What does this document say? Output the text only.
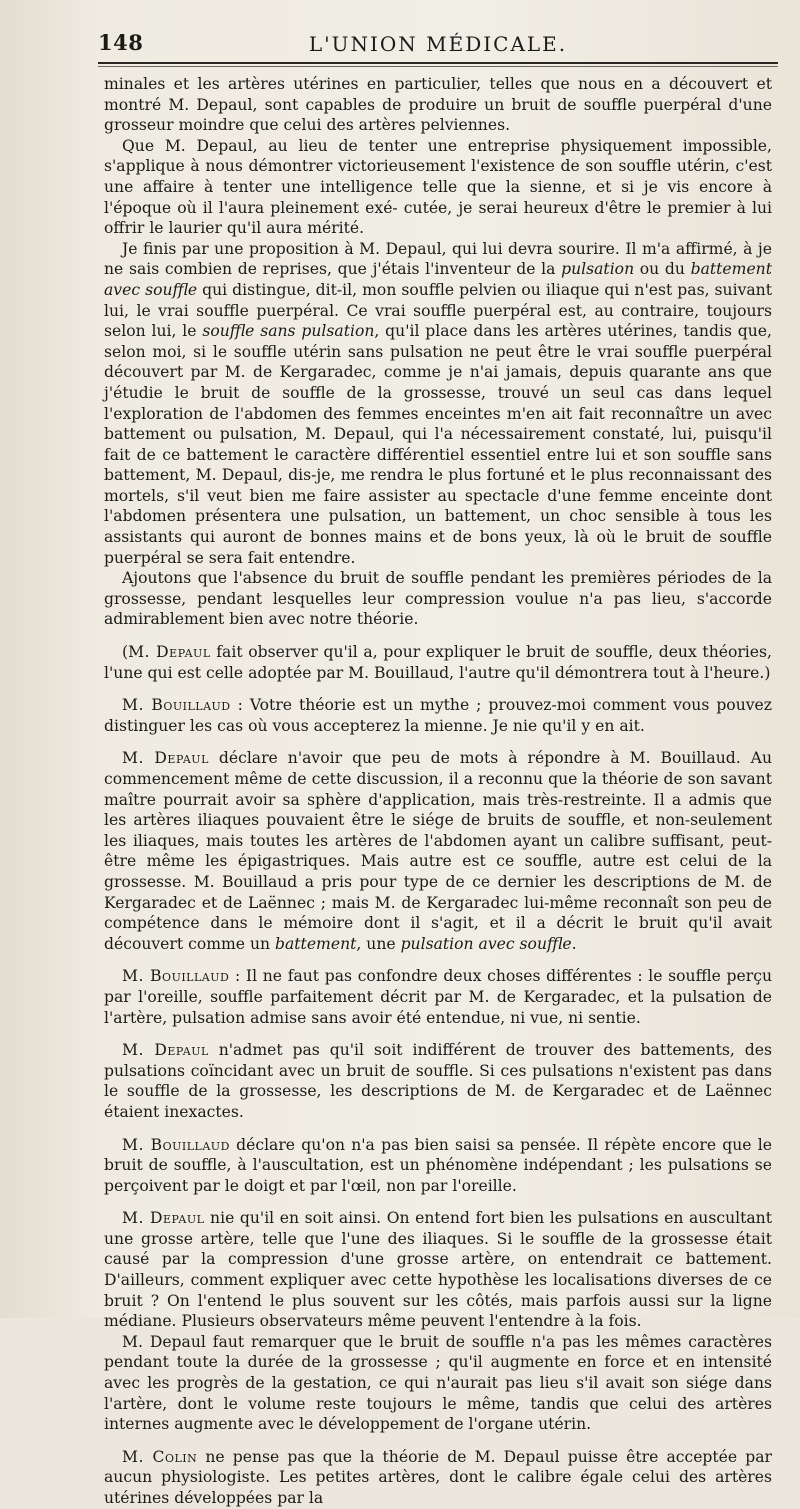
148	L'UNION MÉDICALE.

minales et les artères utérines en particulier, telles que nous en a découvert et montré M. Depaul, sont capables de produire un bruit de souffle puerpéral d'une grosseur moindre que celui des artères pelviennes.

Que M. Depaul, au lieu de tenter une entreprise physiquement impossible, s'applique à nous démontrer victorieusement l'existence de son souffle utérin, c'est une affaire à tenter une intelligence telle que la sienne, et si je vis encore à l'époque où il l'aura pleinement exé- cutée, je serai heureux d'être le premier à lui offrir le laurier qu'il aura mérité.

Je finis par une proposition à M. Depaul, qui lui devra sourire. Il m'a affirmé, à je ne sais combien de reprises, que j'étais l'inventeur de la pulsation ou du battement avec souffle qui distingue, dit-il, mon souffle pelvien ou iliaque qui n'est pas, suivant lui, le vrai souffle puerpéral. Ce vrai souffle puerpéral est, au contraire, toujours selon lui, le souffle sans pulsation, qu'il place dans les artères utérines, tandis que, selon moi, si le souffle utérin sans pulsation ne peut être le vrai souffle puerpéral découvert par M. de Kergaradec, comme je n'ai jamais, depuis quarante ans que j'étudie le bruit de souffle de la grossesse, trouvé un seul cas dans lequel l'exploration de l'abdomen des femmes enceintes m'en ait fait reconnaître un avec battement ou pulsation, M. Depaul, qui l'a nécessairement constaté, lui, puisqu'il fait de ce battement le caractère différentiel essentiel entre lui et son souffle sans battement, M. Depaul, dis-je, me rendra le plus fortuné et le plus reconnaissant des mortels, s'il veut bien me faire assister au spectacle d'une femme enceinte dont l'abdomen présentera une pulsation, un battement, un choc sensible à tous les assistants qui auront de bonnes mains et de bons yeux, là où le bruit de souffle puerpéral se sera fait entendre.

Ajoutons que l'absence du bruit de souffle pendant les premières périodes de la grossesse, pendant lesquelles leur compression voulue n'a pas lieu, s'accorde admirablement bien avec notre théorie.

(M. Depaul fait observer qu'il a, pour expliquer le bruit de souffle, deux théories, l'une qui est celle adoptée par M. Bouillaud, l'autre qu'il démontrera tout à l'heure.)

M. Bouillaud : Votre théorie est un mythe ; prouvez-moi comment vous pouvez distinguer les cas où vous accepterez la mienne. Je nie qu'il y en ait.

M. Depaul déclare n'avoir que peu de mots à répondre à M. Bouillaud. Au commencement même de cette discussion, il a reconnu que la théorie de son savant maître pourrait avoir sa sphère d'application, mais très-restreinte. Il a admis que les artères iliaques pouvaient être le siége de bruits de souffle, et non-seulement les iliaques, mais toutes les artères de l'abdomen ayant un calibre suffisant, peut-être même les épigastriques. Mais autre est ce souffle, autre est celui de la grossesse. M. Bouillaud a pris pour type de ce dernier les descriptions de M. de Kergaradec et de Laënnec ; mais M. de Kergaradec lui-même reconnaît son peu de compétence dans le mémoire dont il s'agit, et il a décrit le bruit qu'il avait découvert comme un battement, une pulsation avec souffle.

M. Bouillaud : Il ne faut pas confondre deux choses différentes : le souffle perçu par l'oreille, souffle parfaitement décrit par M. de Kergaradec, et la pulsation de l'artère, pulsation admise sans avoir été entendue, ni vue, ni sentie.

M. Depaul n'admet pas qu'il soit indifférent de trouver des battements, des pulsations coïncidant avec un bruit de souffle. Si ces pulsations n'existent pas dans le souffle de la grossesse, les descriptions de M. de Kergaradec et de Laënnec étaient inexactes.

M. Bouillaud déclare qu'on n'a pas bien saisi sa pensée. Il répète encore que le bruit de souffle, à l'auscultation, est un phénomène indépendant ; les pulsations se perçoivent par le doigt et par l'œil, non par l'oreille.

M. Depaul nie qu'il en soit ainsi. On entend fort bien les pulsations en auscultant une grosse artère, telle que l'une des iliaques. Si le souffle de la grossesse était causé par la compression d'une grosse artère, on entendrait ce battement. D'ailleurs, comment expliquer avec cette hypothèse les localisations diverses de ce bruit ? On l'entend le plus souvent sur les côtés, mais parfois aussi sur la ligne médiane. Plusieurs observateurs même peuvent l'entendre à la fois.

M. Depaul faut remarquer que le bruit de souffle n'a pas les mêmes caractères pendant toute la durée de la grossesse ; qu'il augmente en force et en intensité avec les progrès de la gestation, ce qui n'aurait pas lieu s'il avait son siége dans l'artère, dont le volume reste toujours le même, tandis que celui des artères internes augmente avec le développement de l'organe utérin.

M. Colin ne pense pas que la théorie de M. Depaul puisse être acceptée par aucun physiologiste. Les petites artères, dont le calibre égale celui des artères utérines développées par la
